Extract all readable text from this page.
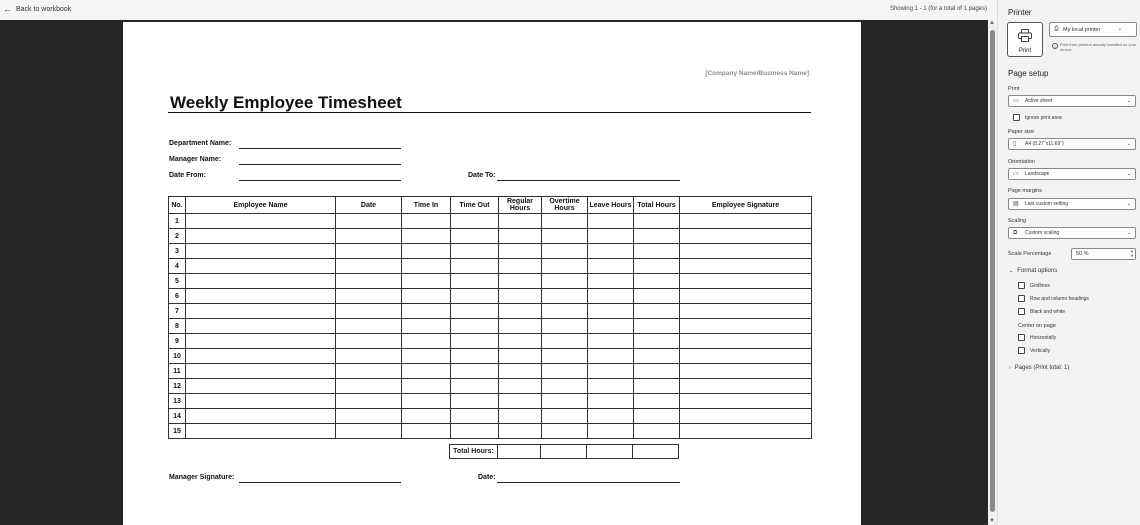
← Back to workbook	Showing 1 - 1 (for a total of 1 pages)
[Company Name/Business Name]
Weekly Employee Timesheet
Department Name:
Manager Name:
Date From:	Date To:
No.	Employee Name	Date	Time In	Time Out	Regular Hours	Overtime Hours	Leave Hours	Total Hours	Employee Signature
1									
2									
3									
4									
5									
6									
7									
8									
9									
10									
11									
12									
13									
14									
15									
Total Hours:				
Manager Signature:	Date:
▲
▼
Printer
Print
⎙ My local printer	⌄
i	Print from printers already installed on your device.
Page setup
Print
▭ Active sheet	⌄
Ignore print area
Paper size
▯ A4 (8.27"x11.69")	⌄
Orientation
▭ Landscape	⌄
Page margins
▤ Last custom setting	⌄
Scaling
⧉ Custom scaling	⌄
Scale Percentage	50 %
▴
▾
⌄ Format options
Gridlines
Row and column headings
Black and white
Center on page
Horizontally
Vertically
› Pages (Print total: 1)
